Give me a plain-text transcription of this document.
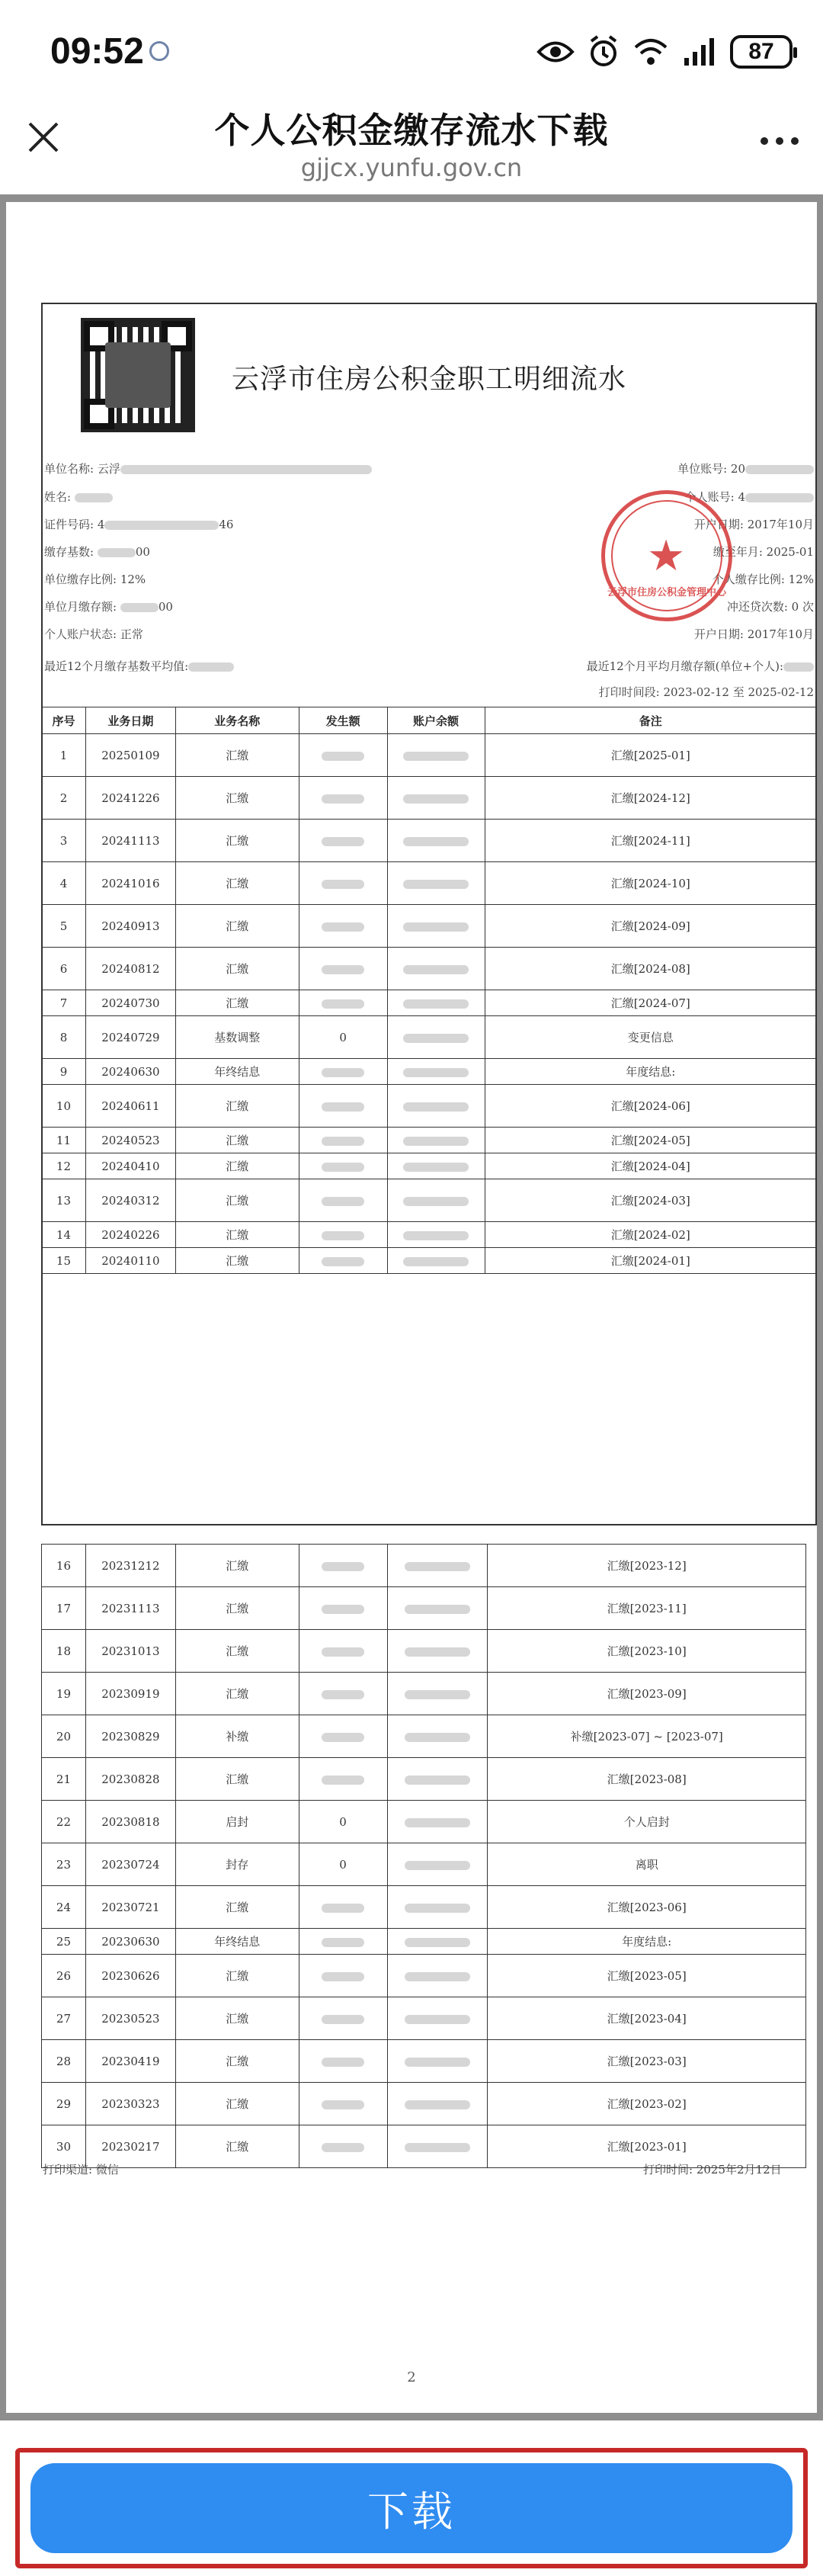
09:52	87
个人公积金缴存流水下载
gjjcx.yunfu.gov.cn
云浮市住房公积金职工明细流水
单位名称: 云浮
姓名:
证件号码: 4	46
缴存基数:	00
单位缴存比例: 12%
单位月缴存额:	00
个人账户状态: 正常
最近12个月缴存基数平均值:
单位账号: 20
个人账号: 4
开户日期: 2017年10月
缴至年月: 2025-01
个人缴存比例: 12%
冲还贷次数: 0 次
开户日期: 2017年10月
最近12个月平均月缴存额(单位+个人):
打印时间段: 2023-02-12 至 2025-02-12
★
云浮市住房公积金管理中心
序号	业务日期	业务名称	发生额	账户余额	备注
1	20250109	汇缴			汇缴[2025-01]
2	20241226	汇缴			汇缴[2024-12]
3	20241113	汇缴			汇缴[2024-11]
4	20241016	汇缴			汇缴[2024-10]
5	20240913	汇缴			汇缴[2024-09]
6	20240812	汇缴			汇缴[2024-08]
7	20240730	汇缴			汇缴[2024-07]
8	20240729	基数调整	0		变更信息
9	20240630	年终结息			年度结息:
10	20240611	汇缴			汇缴[2024-06]
11	20240523	汇缴			汇缴[2024-05]
12	20240410	汇缴			汇缴[2024-04]
13	20240312	汇缴			汇缴[2024-03]
14	20240226	汇缴			汇缴[2024-02]
15	20240110	汇缴			汇缴[2024-01]
16	20231212	汇缴			汇缴[2023-12]
17	20231113	汇缴			汇缴[2023-11]
18	20231013	汇缴			汇缴[2023-10]
19	20230919	汇缴			汇缴[2023-09]
20	20230829	补缴			补缴[2023-07] ~ [2023-07]
21	20230828	汇缴			汇缴[2023-08]
22	20230818	启封	0		个人启封
23	20230724	封存	0		离职
24	20230721	汇缴			汇缴[2023-06]
25	20230630	年终结息			年度结息:
26	20230626	汇缴			汇缴[2023-05]
27	20230523	汇缴			汇缴[2023-04]
28	20230419	汇缴			汇缴[2023-03]
29	20230323	汇缴			汇缴[2023-02]
30	20230217	汇缴			汇缴[2023-01]
打印渠道: 微信	打印时间: 2025年2月12日
2
下载
